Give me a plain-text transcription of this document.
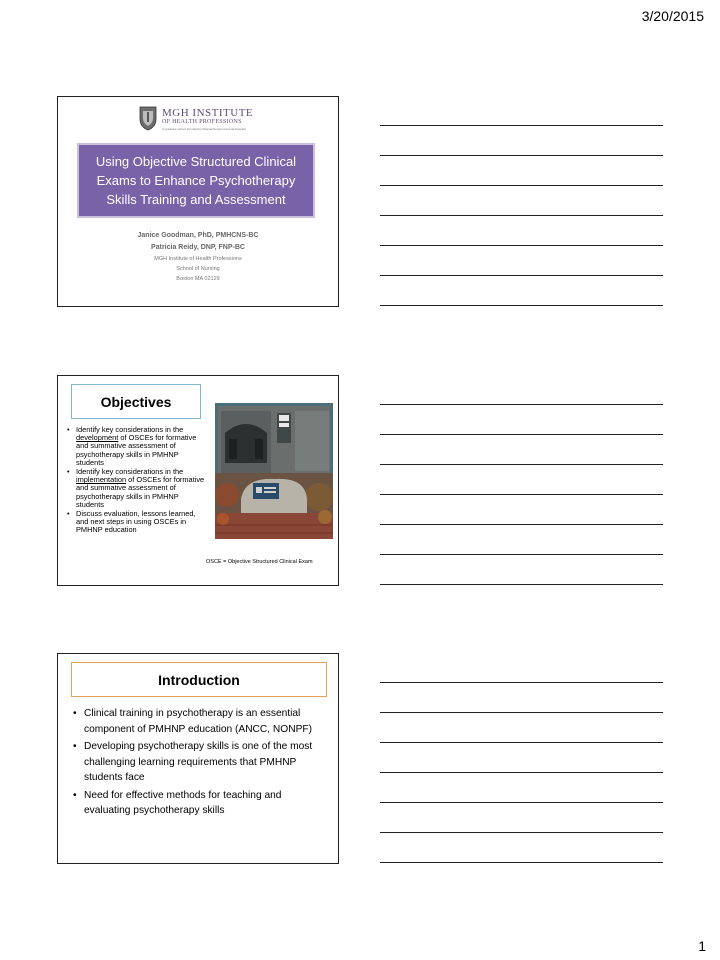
3/20/2015
MGH INSTITUTE
OF HEALTH PROFESSIONS
A graduate school founded by Massachusetts General Hospital
Using Objective Structured Clinical Exams to Enhance Psychotherapy Skills Training and Assessment
Janice Goodman, PhD, PMHCNS-BC
Patricia Reidy, DNP, FNP-BC
MGH Institute of Health Professions
School of Nursing
Boston MA 02129
Objectives
• Identify key considerations in the development of OSCEs for formative and summative assessment of psychotherapy skills in PMHNP students
• Identify key considerations in the implementation of OSCEs for formative and summative assessment of psychotherapy skills in PMHNP students
• Discuss evaluation, lessons learned, and next steps in using OSCEs in PMHNP education
OSCE = Objective Structured Clinical Exam
Introduction
• Clinical training in psychotherapy is an essential component of PMHNP education (ANCC, NONPF)
• Developing psychotherapy skills is one of the most challenging learning requirements that PMHNP students face
• Need for effective methods for teaching and evaluating psychotherapy skills
1
